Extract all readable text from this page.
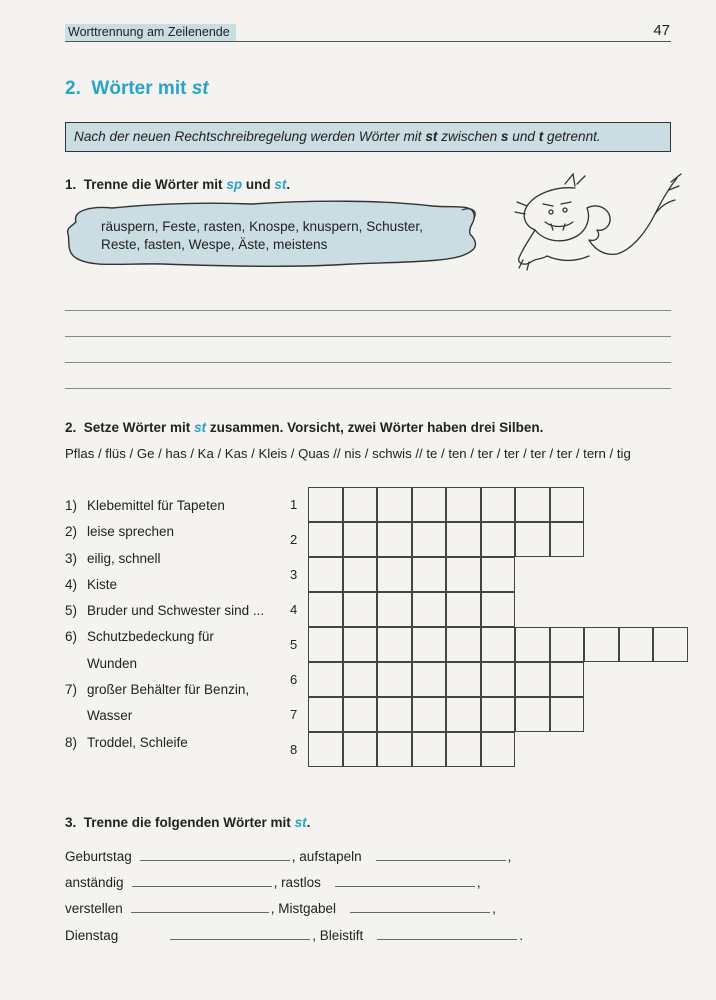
Worttrennung am Zeilenende	47
2. Wörter mit st
Nach der neuen Rechtschreibregelung werden Wörter mit st zwischen s und t getrennt.
1. Trenne die Wörter mit sp und st.
räuspern, Feste, rasten, Knospe, knuspern, Schuster,
Reste, fasten, Wespe, Äste, meistens
2. Setze Wörter mit st zusammen. Vorsicht, zwei Wörter haben drei Silben.
Pflas / flüs / Ge / has / Ka / Kas / Kleis / Quas // nis / schwis // te / ten / ter / ter / ter / ter / tern / tig
1) Klebemittel für Tapeten
2) leise sprechen
3) eilig, schnell
4) Kiste
5) Bruder und Schwester sind ...
6) Schutzbedeckung für
Wunden
7) großer Behälter für Benzin,
Wasser
8) Troddel, Schleife
1
2
3
4
5
6
7
8
3. Trenne die folgenden Wörter mit st.
Geburtstag	, aufstapeln	,
anständig	, rastlos	,
verstellen	, Mistgabel	,
Dienstag	, Bleistift	.
